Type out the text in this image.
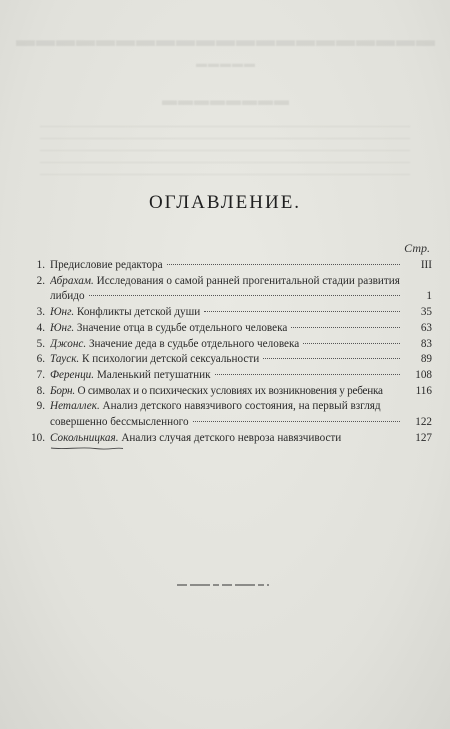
▬▬▬▬▬▬▬▬▬▬▬▬▬▬▬▬▬▬▬▬▬
▬▬▬▬▬
▬▬▬▬▬▬▬▬
ОГЛАВЛЕНИЕ.
Стр.
1. Предисловие редактора	III
2. Абрахам. Исследования о самой ранней прогенитальной стадии развития
либидо	1
3. Юнг. Конфликты детской души	35
4. Юнг. Значение отца в судьбе отдельного человека	63
5. Джонс. Значение деда в судьбе отдельного человека	83
6. Тауск. К психологии детской сексуальности	89
7. Ференци. Маленький петушатник	108
8. Борн. О символах и о психических условиях их возникновения у ребенка	116
9. Неталлек. Анализ детского навязчивого состояния, на первый взгляд
совершенно бессмысленного	122
10. Сокольницкая. Анализ случая детского невроза навязчивости	127
